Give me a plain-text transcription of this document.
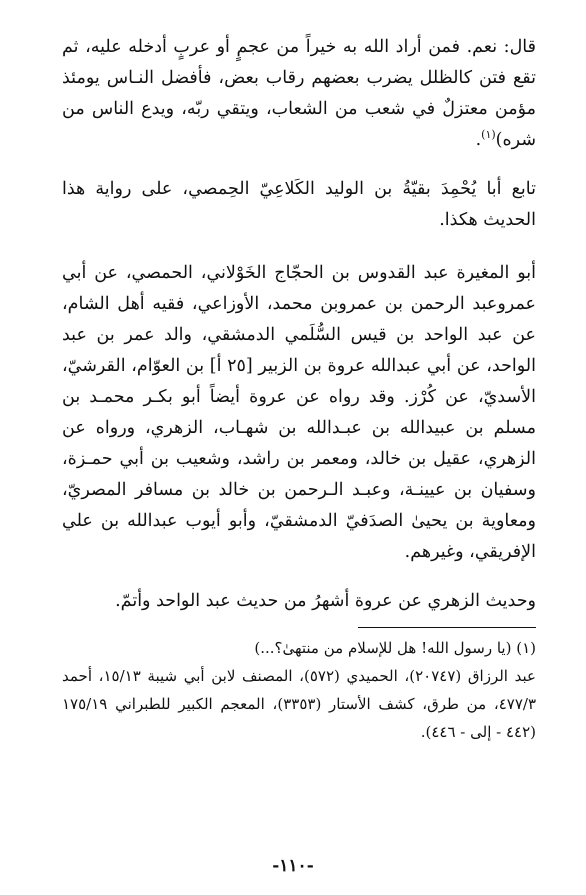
قال: نعم. فمن أراد الله به خيراً من عجمٍ أو عربٍ أدخله عليه، ثم تقع فتن كالظلل يضرب بعضهم رقاب بعض، فأفضل النـاس يومئذ مؤمن معتزلٌ في شعب من الشعاب، ويتقي ربّه، ويدع الناس من شره)$^{(١)}$.

تابع أبا يُحْمِدَ بقيّةُ بن الوليد الكَلاعِيّ الحِمصي، على رواية هذا الحديث هكذا.

أبو المغيرة عبد القدوس بن الحجّاج الخَوْلاني، الحمصي، عن أبي عمروعبد الرحمن بن عمروبن محمد، الأوزاعي، فقيه أهل الشام، عن عبد الواحد بن قيس السُّلَمي الدمشقي، والد عمر بن عبد الواحد، عن أبي عبدالله عروة بن الزبير [٢٥ أ] بن العوّام، القرشيّ، الأسديّ، عن كُرْز. وقد رواه عن عروة أيضاً أبو بكـر محمـد بن مسلم بن عبيدالله بن عبـدالله بن شهـاب، الزهري، ورواه عن الزهري، عقيل بن خالد، ومعمر بن راشد، وشعيب بن أبي حمـزة، وسفيان بن عيينـة، وعبـد الـرحمن بن خالد بن مسافر المصريّ، ومعاوية بن يحيىٰ الصدَفيّ الدمشقيّ، وأبو أيوب عبدالله بن علي الإفريقي، وغيرهم.

وحديث الزهري عن عروة أشهرُ من حديث عبد الواحد وأتمّ.

(١) (يا رسول الله! هل للإسلام من منتهىٰ؟...)
عبد الرزاق (٢٠٧٤٧)، الحميدي (٥٧٢)، المصنف لابن أبي شيبة ١٥/١٣، أحمد ٤٧٧/٣، من طرق، كشف الأستار (٣٣٥٣)، المعجم الكبير للطبراني ١٧٥/١٩ (٤٤٢ - إلى - ٤٤٦).
-١١٠-
